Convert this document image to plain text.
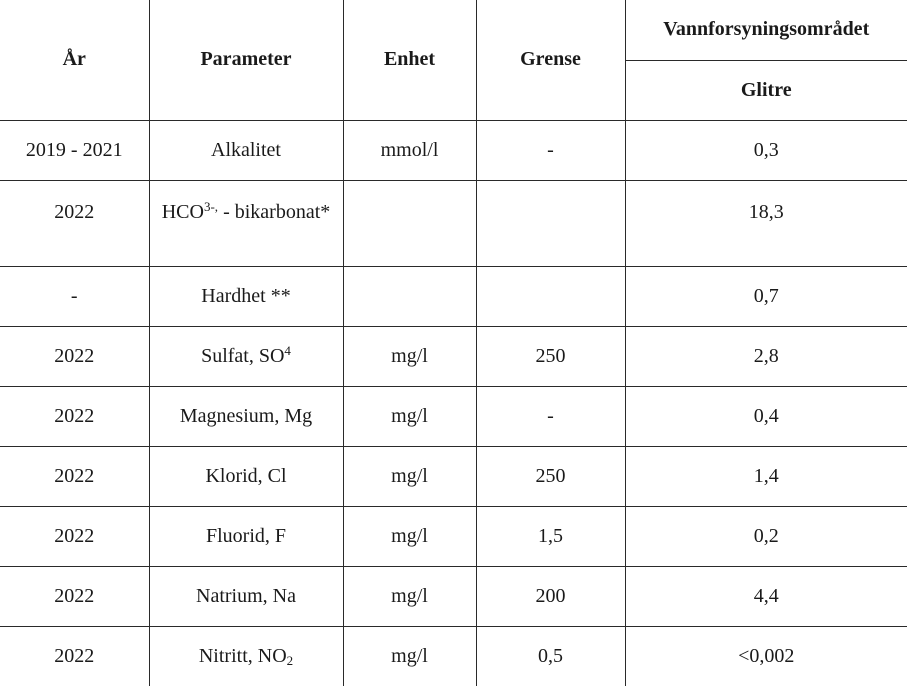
År	Parameter	Enhet	Grense	Vannforsyningsområdet
				Glitre
2019 - 2021	Alkalitet	mmol/l	-	0,3
2022	$HCO^{3-,}$ - bikarbonat*			18,3
-	Hardhet **			0,7
2022	Sulfat, $SO^4$	mg/l	250	2,8
2022	Magnesium, Mg	mg/l	-	0,4
2022	Klorid, Cl	mg/l	250	1,4
2022	Fluorid, F	mg/l	1,5	0,2
2022	Natrium, Na	mg/l	200	4,4
2022	Nitritt, $NO_2$	mg/l	0,5	<0,002
